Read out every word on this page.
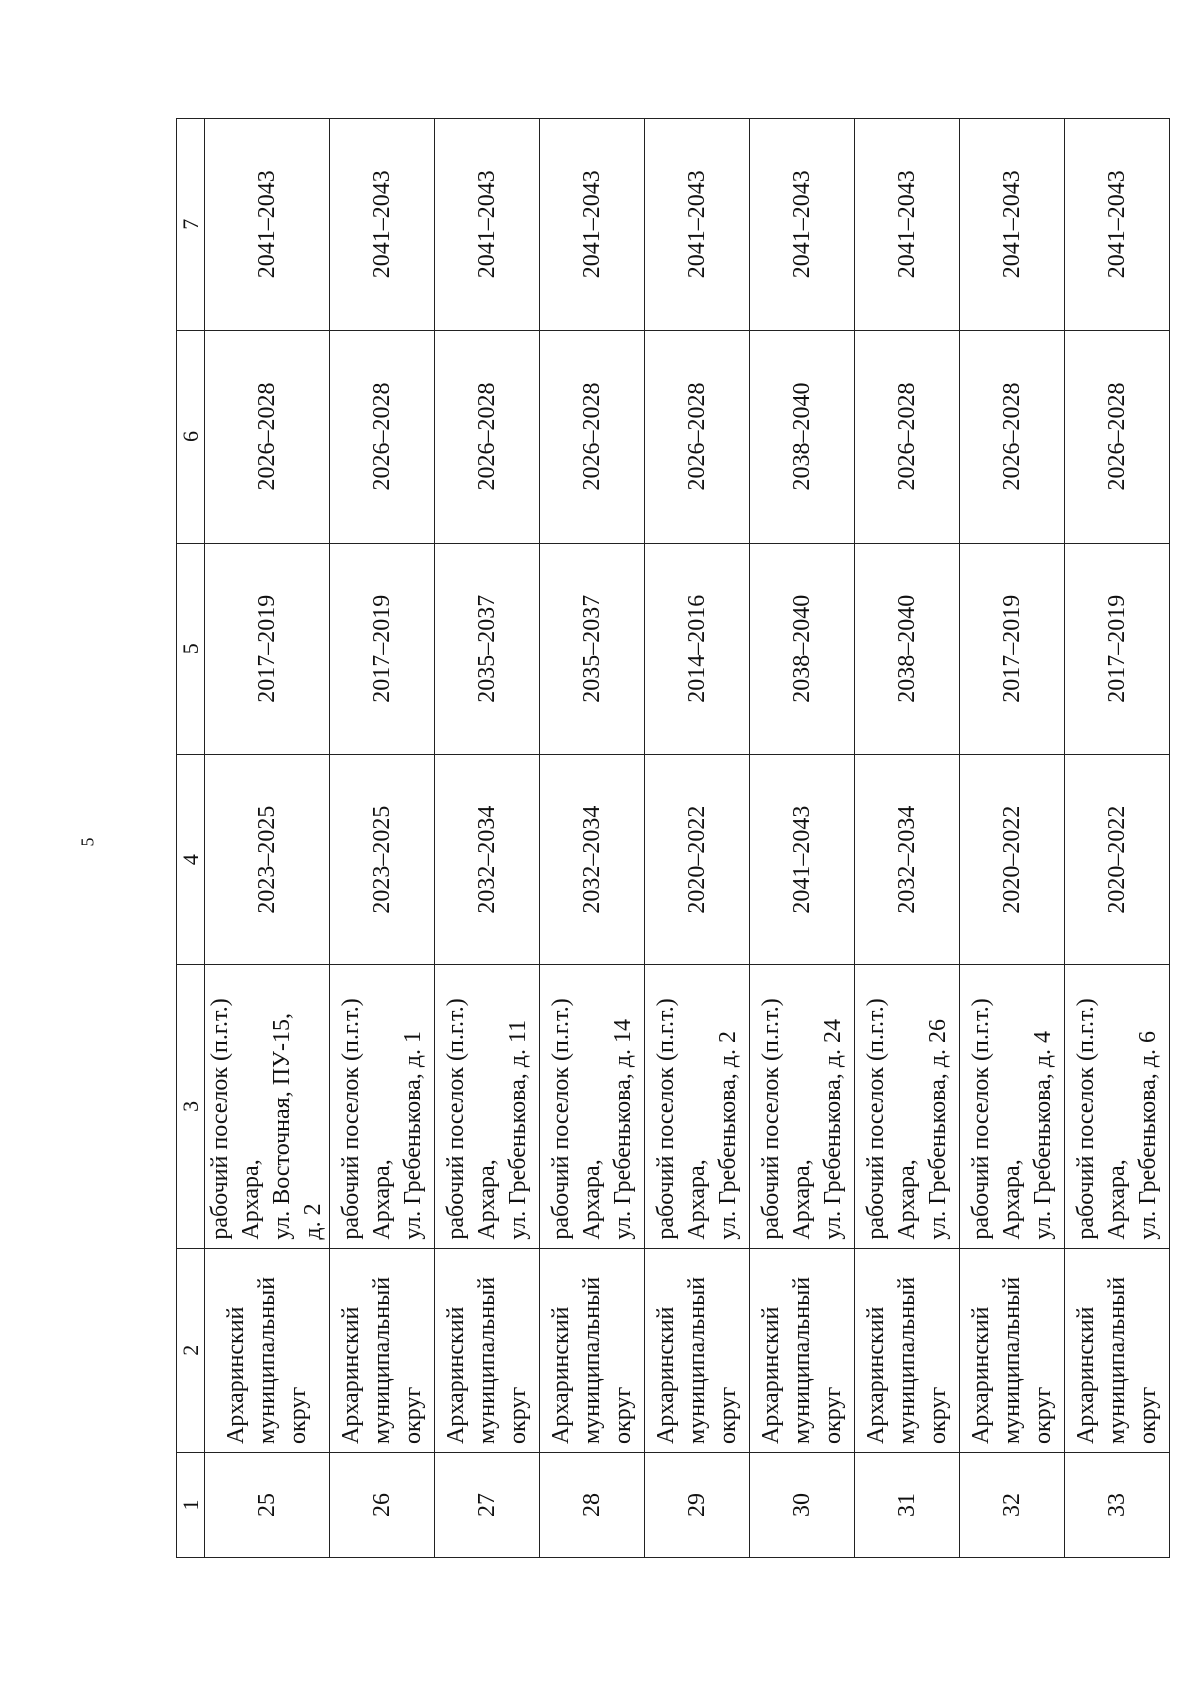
5
1	2	3	4	5	6	7
25	Архаринский муниципальный округ	рабочий поселок (п.г.т.) Архара, ул. Восточная, ПУ-15, д. 2	2023–2025	2017–2019	2026–2028	2041–2043
26	Архаринский муниципальный округ	рабочий поселок (п.г.т.) Архара, ул. Гребенькова, д. 1	2023–2025	2017–2019	2026–2028	2041–2043
27	Архаринский муниципальный округ	рабочий поселок (п.г.т.) Архара, ул. Гребенькова, д. 11	2032–2034	2035–2037	2026–2028	2041–2043
28	Архаринский муниципальный округ	рабочий поселок (п.г.т.) Архара, ул. Гребенькова, д. 14	2032–2034	2035–2037	2026–2028	2041–2043
29	Архаринский муниципальный округ	рабочий поселок (п.г.т.) Архара, ул. Гребенькова, д. 2	2020–2022	2014–2016	2026–2028	2041–2043
30	Архаринский муниципальный округ	рабочий поселок (п.г.т.) Архара, ул. Гребенькова, д. 24	2041–2043	2038–2040	2038–2040	2041–2043
31	Архаринский муниципальный округ	рабочий поселок (п.г.т.) Архара, ул. Гребенькова, д. 26	2032–2034	2038–2040	2026–2028	2041–2043
32	Архаринский муниципальный округ	рабочий поселок (п.г.т.) Архара, ул. Гребенькова, д. 4	2020–2022	2017–2019	2026–2028	2041–2043
33	Архаринский муниципальный округ	рабочий поселок (п.г.т.) Архара, ул. Гребенькова, д. 6	2020–2022	2017–2019	2026–2028	2041–2043
